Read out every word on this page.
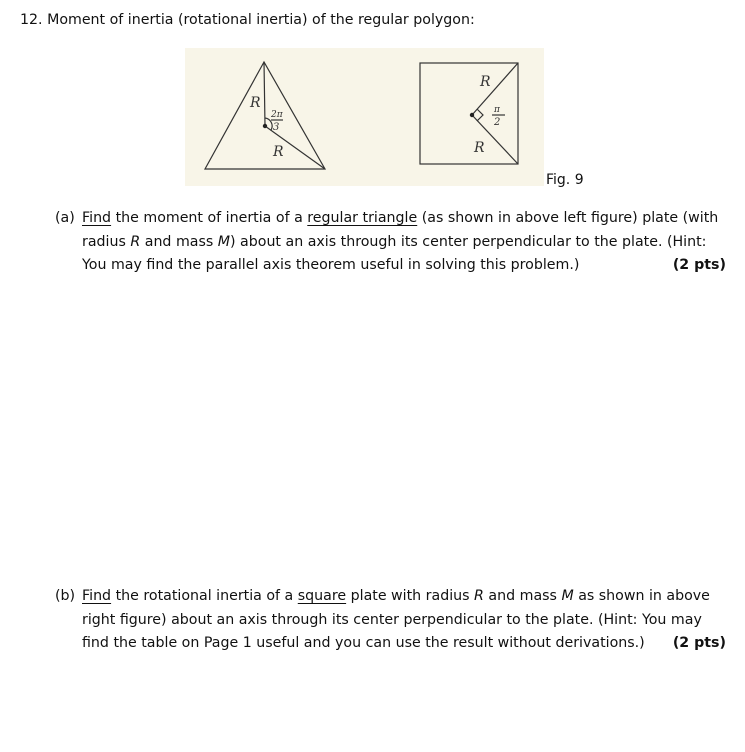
12. Moment of inertia (rotational inertia) of the regular polygon:
R
2π
3
R
R
π
2
R
Fig. 9
(a) Find the moment of inertia of a regular triangle (as shown in above left figure) plate (with
radius R and mass M) about an axis through its center perpendicular to the plate. (Hint:
You may find the parallel axis theorem useful in solving this problem.)	(2 pts)
(b) Find the rotational inertia of a square plate with radius R and mass M as shown in above
right figure) about an axis through its center perpendicular to the plate. (Hint: You may
find the table on Page 1 useful and you can use the result without derivations.) (2 pts)
